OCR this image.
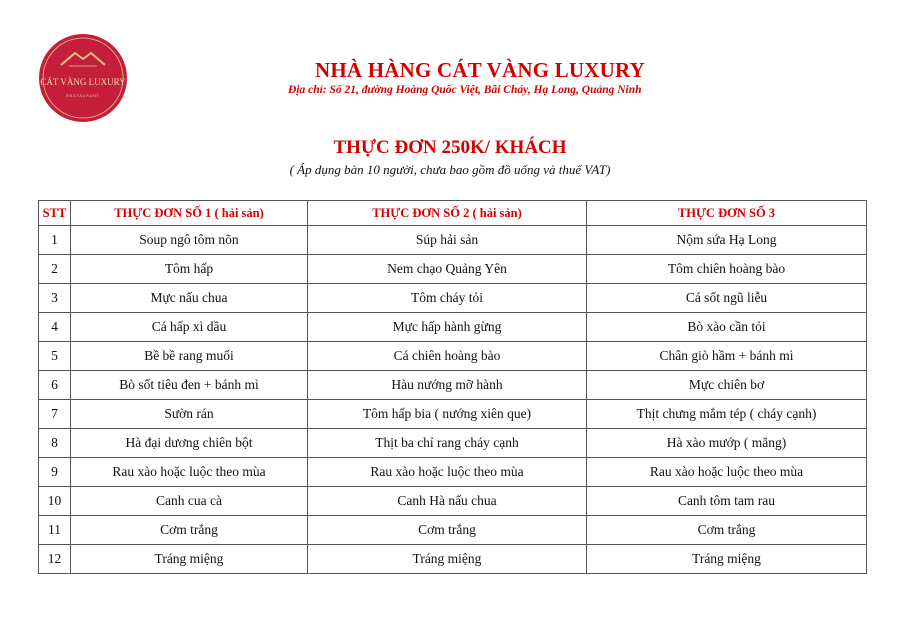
CÁT VÀNG LUXURY
RESTAURANT
NHÀ HÀNG CÁT VÀNG LUXURY
Địa chỉ: Số 21, đường Hoàng Quốc Việt, Bãi Cháy, Hạ Long, Quảng Ninh
THỰC ĐƠN 250K/ KHÁCH
( Áp dụng bàn 10 người, chưa bao gồm đồ uống và thuế VAT)
STT	THỰC ĐƠN SỐ 1 ( hải sản)	THỰC ĐƠN SỐ 2 ( hải sản)	THỰC ĐƠN SỐ 3
1	Soup ngô tôm nõn	Súp hải sản	Nộm sứa Hạ Long
2	Tôm hấp	Nem chạo Quảng Yên	Tôm chiên hoàng bào
3	Mực nấu chua	Tôm cháy tỏi	Cá sốt ngũ liễu
4	Cá hấp xì dầu	Mực hấp hành gừng	Bò xào cần tỏi
5	Bề bề rang muối	Cá chiên hoàng bào	Chân giò hầm + bánh mì
6	Bò sốt tiêu đen + bánh mì	Hàu nướng mỡ hành	Mực chiên bơ
7	Sườn rán	Tôm hấp bia ( nướng xiên que)	Thịt chưng mắm tép ( cháy cạnh)
8	Hà đại dương chiên bột	Thịt ba chỉ rang cháy cạnh	Hà xào mướp ( măng)
9	Rau xào hoặc luộc theo mùa	Rau xào hoặc luộc theo mùa	Rau xào hoặc luộc theo mùa
10	Canh cua cà	Canh Hà nấu chua	Canh tôm tam rau
11	Cơm trắng	Cơm trắng	Cơm trắng
12	Tráng miệng	Tráng miệng	Tráng miệng
